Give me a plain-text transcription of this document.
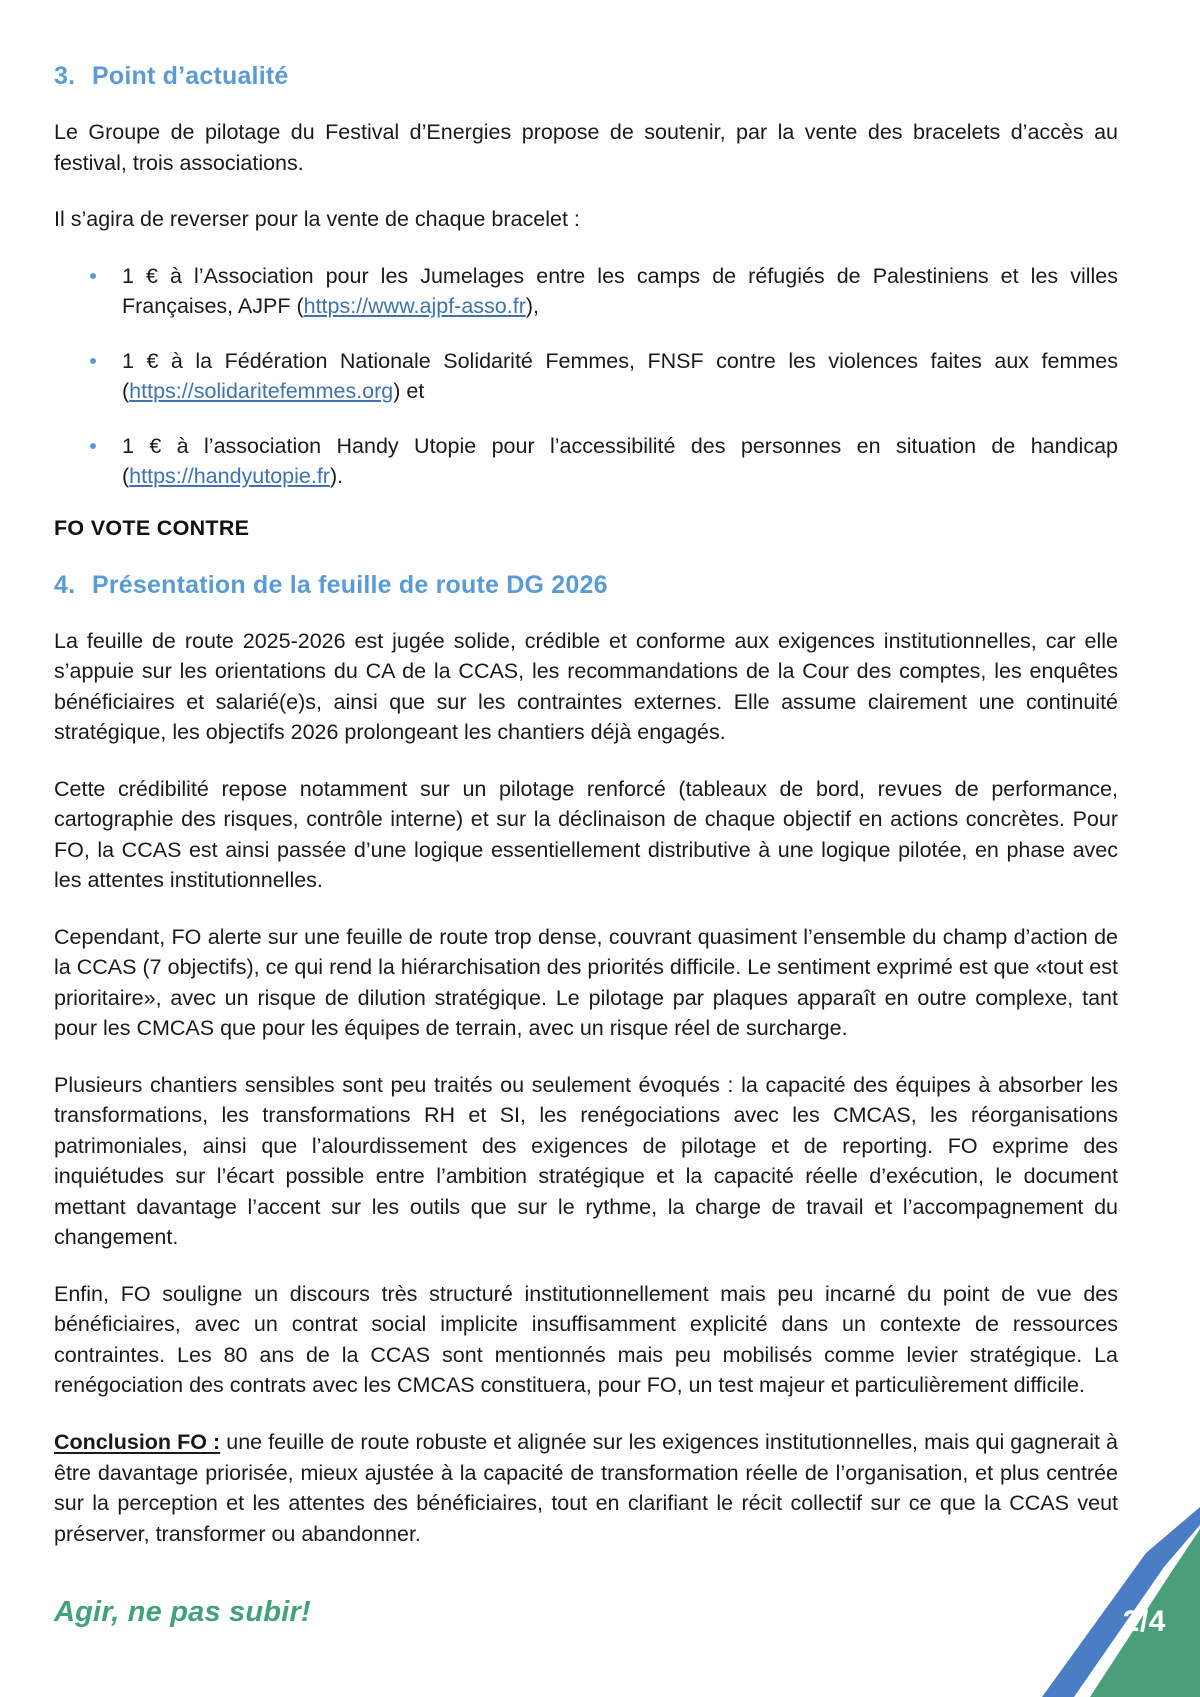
3. Point d’actualité

Le Groupe de pilotage du Festival d’Energies propose de soutenir, par la vente des bracelets d’accès au festival, trois associations.

Il s’agira de reverser pour la vente de chaque bracelet :

1 € à l’Association pour les Jumelages entre les camps de réfugiés de Palestiniens et les villes Françaises, AJPF (https://www.ajpf-asso.fr),
1 € à la Fédération Nationale Solidarité Femmes, FNSF contre les violences faites aux femmes (https://solidaritefemmes.org) et
1 € à l’association Handy Utopie pour l’accessibilité des personnes en situation de handicap (https://handyutopie.fr).

FO VOTE CONTRE

4. Présentation de la feuille de route DG 2026

La feuille de route 2025-2026 est jugée solide, crédible et conforme aux exigences institutionnelles, car elle s’appuie sur les orientations du CA de la CCAS, les recommandations de la Cour des comptes, les enquêtes bénéficiaires et salarié(e)s, ainsi que sur les contraintes externes. Elle assume clairement une continuité stratégique, les objectifs 2026 prolongeant les chantiers déjà engagés.

Cette crédibilité repose notamment sur un pilotage renforcé (tableaux de bord, revues de performance, cartographie des risques, contrôle interne) et sur la déclinaison de chaque objectif en actions concrètes. Pour FO, la CCAS est ainsi passée d’une logique essentiellement distributive à une logique pilotée, en phase avec les attentes institutionnelles.

Cependant, FO alerte sur une feuille de route trop dense, couvrant quasiment l’ensemble du champ d’action de la CCAS (7 objectifs), ce qui rend la hiérarchisation des priorités difficile. Le sentiment exprimé est que «tout est prioritaire», avec un risque de dilution stratégique. Le pilotage par plaques apparaît en outre complexe, tant pour les CMCAS que pour les équipes de terrain, avec un risque réel de surcharge.

Plusieurs chantiers sensibles sont peu traités ou seulement évoqués : la capacité des équipes à absorber les transformations, les transformations RH et SI, les renégociations avec les CMCAS, les réorganisations patrimoniales, ainsi que l’alourdissement des exigences de pilotage et de reporting. FO exprime des inquiétudes sur l’écart possible entre l’ambition stratégique et la capacité réelle d’exécution, le document mettant davantage l’accent sur les outils que sur le rythme, la charge de travail et l’accompagnement du changement.

Enfin, FO souligne un discours très structuré institutionnellement mais peu incarné du point de vue des bénéficiaires, avec un contrat social implicite insuffisamment explicité dans un contexte de ressources contraintes. Les 80 ans de la CCAS sont mentionnés mais peu mobilisés comme levier stratégique. La renégociation des contrats avec les CMCAS constituera, pour FO, un test majeur et particulièrement difficile.

Conclusion FO : une feuille de route robuste et alignée sur les exigences institutionnelles, mais qui gagnerait à être davantage priorisée, mieux ajustée à la capacité de transformation réelle de l’organisation, et plus centrée sur la perception et les attentes des bénéficiaires, tout en clarifiant le récit collectif sur ce que la CCAS veut préserver, transformer ou abandonner.

Agir, ne pas subir!	2/4
